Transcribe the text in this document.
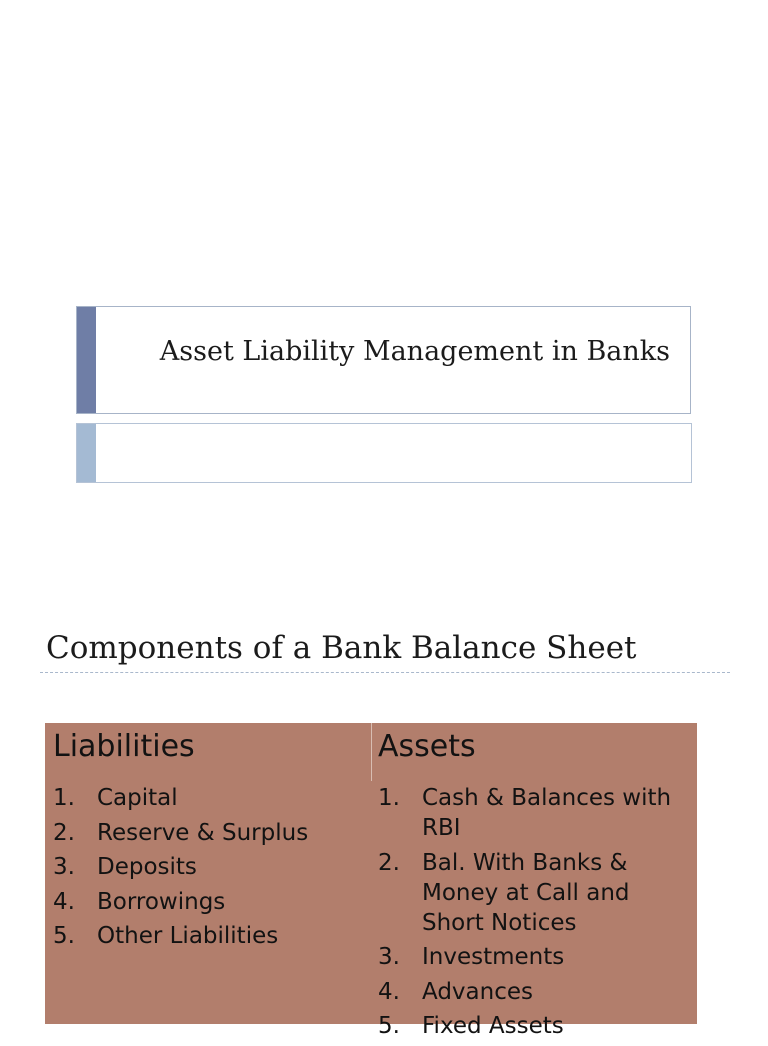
Asset Liability Management in Banks
Components of a Bank Balance Sheet
Liabilities
1. Capital
2. Reserve & Surplus
3. Deposits
4. Borrowings
5. Other Liabilities
Assets
1. Cash & Balances with RBI
2. Bal. With Banks & Money at Call and Short Notices
3. Investments
4. Advances
5. Fixed Assets
